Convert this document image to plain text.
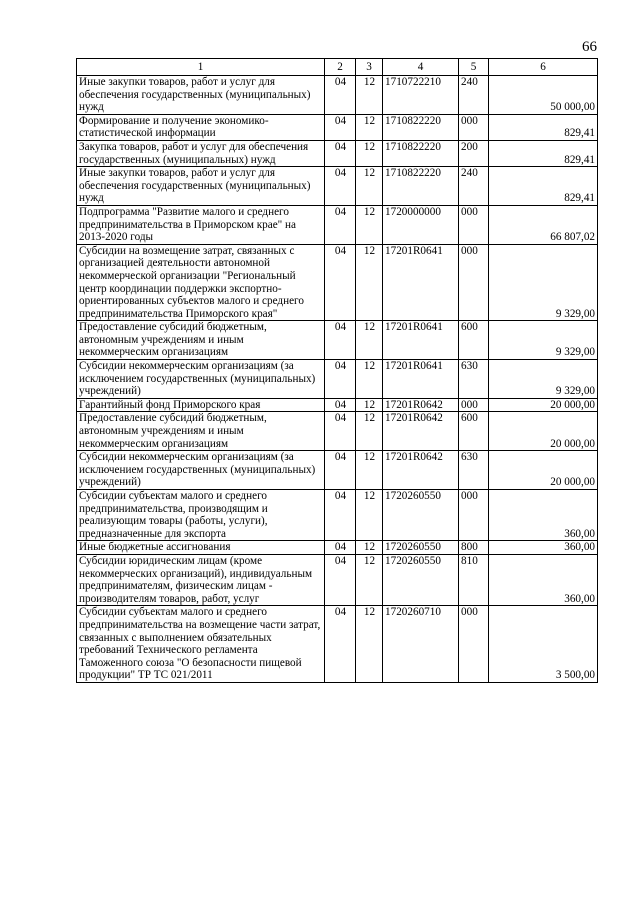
66
1	2	3	4	5	6
Иные закупки товаров, работ и услуг для обеспечения государственных (муниципальных) нужд	04	12	1710722210	240	50 000,00
Формирование и получение экономико-статистической информации	04	12	1710822220	000	829,41
Закупка товаров, работ и услуг для обеспечения государственных (муниципальных) нужд	04	12	1710822220	200	829,41
Иные закупки товаров, работ и услуг для обеспечения государственных (муниципальных) нужд	04	12	1710822220	240	829,41
Подпрограмма "Развитие малого и среднего предпринимательства в Приморском крае" на 2013-2020 годы	04	12	1720000000	000	66 807,02
Субсидии на возмещение затрат, связанных с организацией деятельности автономной некоммерческой организации "Региональный центр координации поддержки экспортно-ориентированных субъектов малого и среднего предпринимательства Приморского края"	04	12	17201R0641	000	9 329,00
Предоставление субсидий бюджетным, автономным учреждениям и иным некоммерческим организациям	04	12	17201R0641	600	9 329,00
Субсидии некоммерческим организациям (за исключением государственных (муниципальных) учреждений)	04	12	17201R0641	630	9 329,00
Гарантийный фонд Приморского края	04	12	17201R0642	000	20 000,00
Предоставление субсидий бюджетным, автономным учреждениям и иным некоммерческим организациям	04	12	17201R0642	600	20 000,00
Субсидии некоммерческим организациям (за исключением государственных (муниципальных) учреждений)	04	12	17201R0642	630	20 000,00
Субсидии субъектам малого и среднего предпринимательства, производящим и реализующим товары (работы, услуги), предназначенные для экспорта	04	12	1720260550	000	360,00
Иные бюджетные ассигнования	04	12	1720260550	800	360,00
Субсидии юридическим лицам (кроме некоммерческих организаций), индивидуальным предпринимателям, физическим лицам - производителям товаров, работ, услуг	04	12	1720260550	810	360,00
Субсидии субъектам малого и среднего предпринимательства на возмещение части затрат, связанных с выполнением обязательных требований Технического регламента Таможенного союза "О безопасности пищевой продукции" ТР ТС 021/2011	04	12	1720260710	000	3 500,00
